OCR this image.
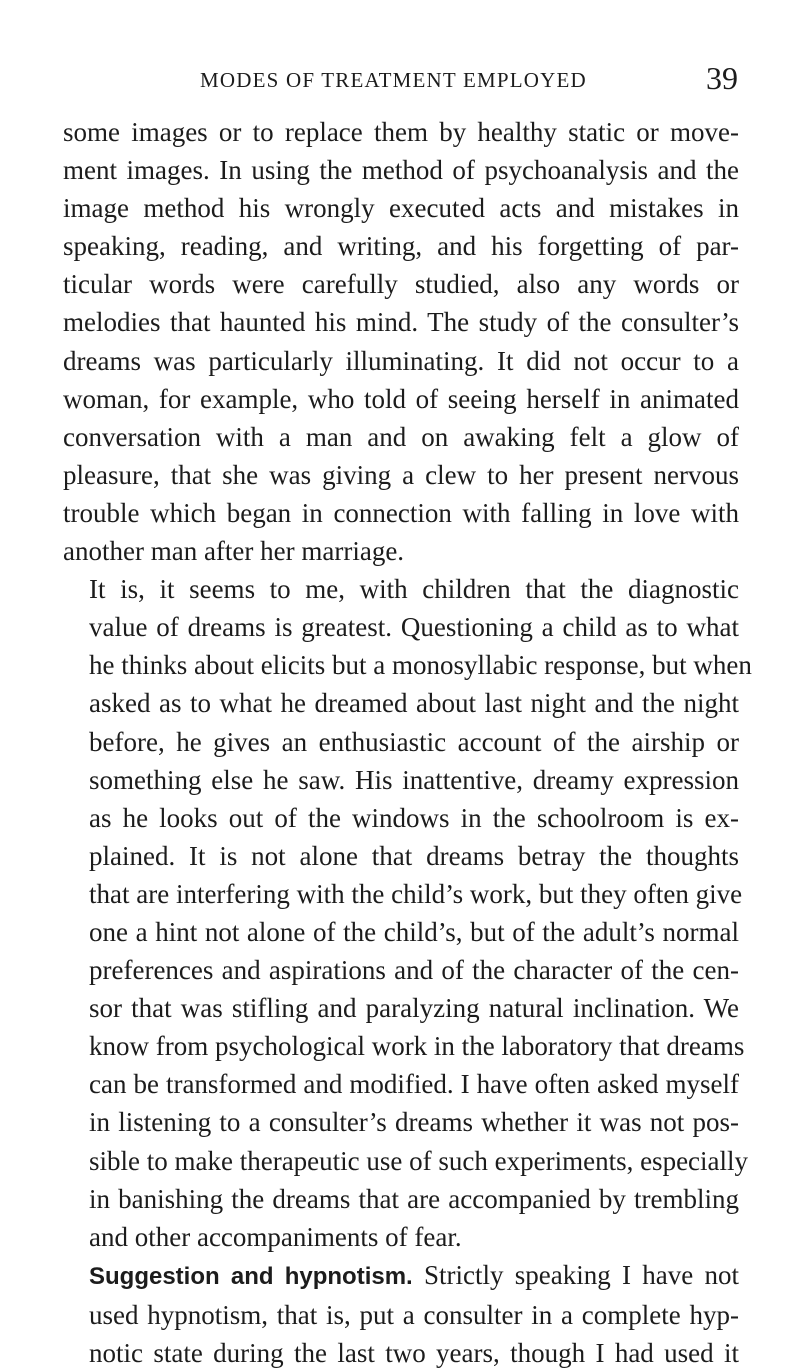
MODES OF TREATMENT EMPLOYED	39

some images or to replace them by healthy static or move-
ment images. In using the method of psychoanalysis and the
image method his wrongly executed acts and mistakes in
speaking, reading, and writing, and his forgetting of par-
ticular words were carefully studied, also any words or
melodies that haunted his mind. The study of the consulter’s
dreams was particularly illuminating. It did not occur to a
woman, for example, who told of seeing herself in animated
conversation with a man and on awaking felt a glow of
pleasure, that she was giving a clew to her present nervous
trouble which began in connection with falling in love with
another man after her marriage.

It is, it seems to me, with children that the diagnostic
value of dreams is greatest. Questioning a child as to what
he thinks about elicits but a monosyllabic response, but when
asked as to what he dreamed about last night and the night
before, he gives an enthusiastic account of the airship or
something else he saw. His inattentive, dreamy expression
as he looks out of the windows in the schoolroom is ex-
plained. It is not alone that dreams betray the thoughts
that are interfering with the child’s work, but they often give
one a hint not alone of the child’s, but of the adult’s normal
preferences and aspirations and of the character of the cen-
sor that was stifling and paralyzing natural inclination. We
know from psychological work in the laboratory that dreams
can be transformed and modified. I have often asked myself
in listening to a consulter’s dreams whether it was not pos-
sible to make therapeutic use of such experiments, especially
in banishing the dreams that are accompanied by trembling
and other accompaniments of fear.

Suggestion and hypnotism. Strictly speaking I have not
used hypnotism, that is, put a consulter in a complete hyp-
notic state during the last two years, though I had used it
